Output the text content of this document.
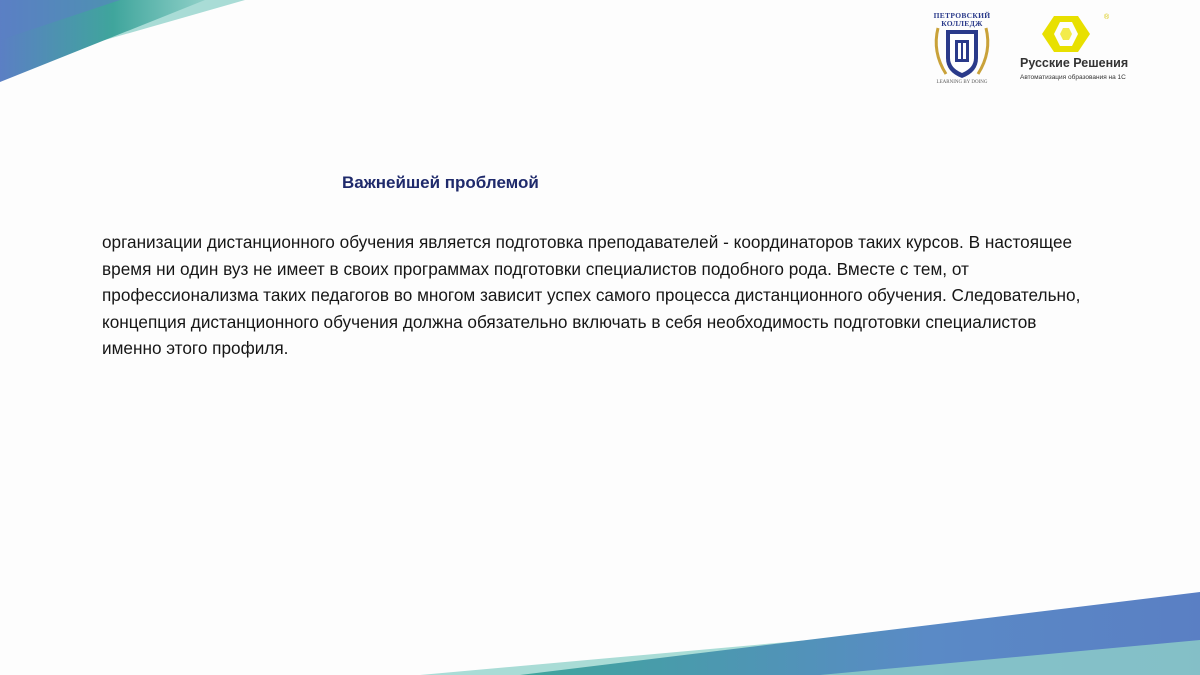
ПЕТРОВСКИЙ КОЛЛЕДЖ
LEARNING BY DOING
®
Русские Решения
Автоматизация образования на 1С
Важнейшей проблемой

организации дистанционного обучения является подготовка преподавателей - координаторов таких курсов. В настоящее время ни один вуз не имеет в своих программах подготовки специалистов подобного рода. Вместе с тем, от профессионализма таких педагогов во многом зависит успех самого процесса дистанционного обучения. Следовательно, концепция дистанционного обучения должна обязательно включать в себя необходимость подготовки специалистов именно этого профиля.
